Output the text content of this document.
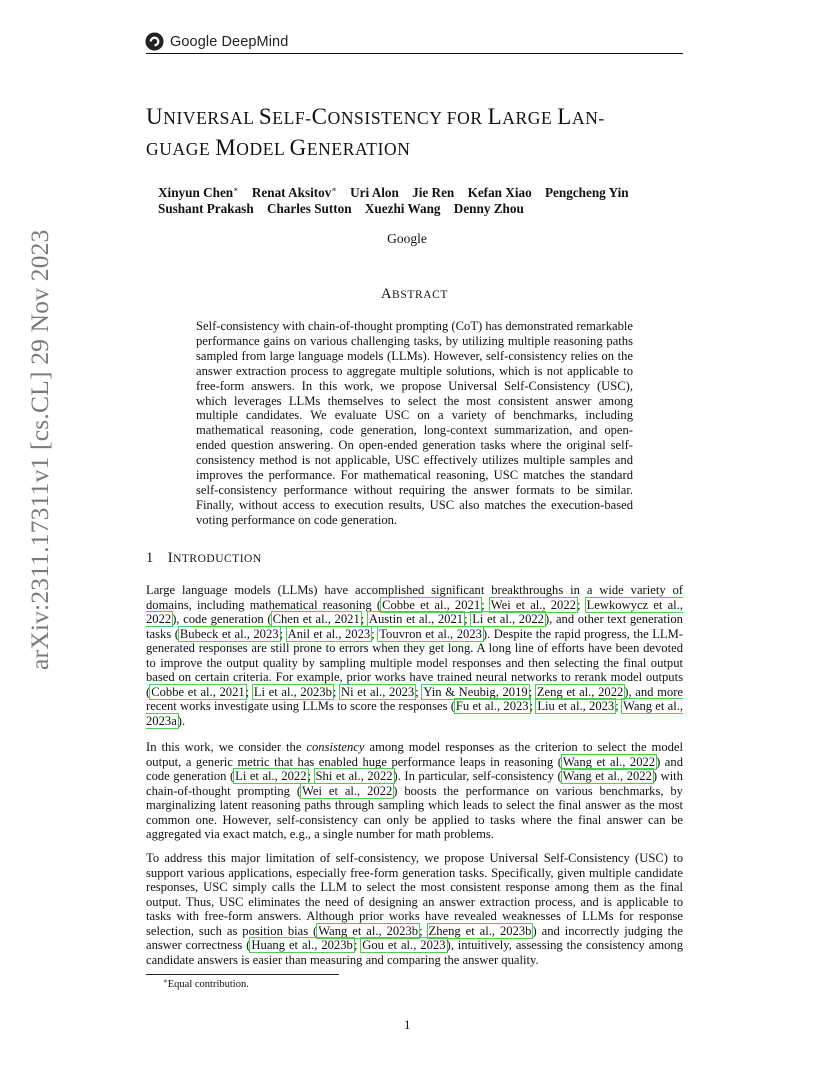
Google DeepMind
arXiv:2311.17311v1 [cs.CL] 29 Nov 2023
UNIVERSAL SELF-CONSISTENCY FOR LARGE LAN-
GUAGE MODEL GENERATION
Xinyun Chen∗ Renat Aksitov∗ Uri Alon Jie Ren Kefan Xiao Pengcheng Yin
Sushant Prakash Charles Sutton Xuezhi Wang Denny Zhou
Google
ABSTRACT
Self-consistency with chain-of-thought prompting (CoT) has demonstrated remarkable performance gains on various challenging tasks, by utilizing multiple reasoning paths sampled from large language models (LLMs). However, self-consistency relies on the answer extraction process to aggregate multiple solutions, which is not applicable to free-form answers. In this work, we propose Universal Self-Consistency (USC), which leverages LLMs themselves to select the most consistent answer among multiple candidates. We evaluate USC on a variety of benchmarks, including mathematical reasoning, code generation, long-context summarization, and open-ended question answering. On open-ended generation tasks where the original self-consistency method is not applicable, USC effectively utilizes multiple samples and improves the performance. For mathematical reasoning, USC matches the standard self-consistency performance without requiring the answer formats to be similar. Finally, without access to execution results, USC also matches the execution-based voting performance on code generation.
1 INTRODUCTION
Large language models (LLMs) have accomplished significant breakthroughs in a wide variety of domains, including mathematical reasoning (Cobbe et al., 2021; Wei et al., 2022; Lewkowycz et al., 2022), code generation (Chen et al., 2021; Austin et al., 2021; Li et al., 2022), and other text generation tasks (Bubeck et al., 2023; Anil et al., 2023; Touvron et al., 2023). Despite the rapid progress, the LLM-generated responses are still prone to errors when they get long. A long line of efforts have been devoted to improve the output quality by sampling multiple model responses and then selecting the final output based on certain criteria. For example, prior works have trained neural networks to rerank model outputs (Cobbe et al., 2021; Li et al., 2023b; Ni et al., 2023; Yin & Neubig, 2019; Zeng et al., 2022), and more recent works investigate using LLMs to score the responses (Fu et al., 2023; Liu et al., 2023; Wang et al., 2023a).
In this work, we consider the consistency among model responses as the criterion to select the model output, a generic metric that has enabled huge performance leaps in reasoning (Wang et al., 2022) and code generation (Li et al., 2022; Shi et al., 2022). In particular, self-consistency (Wang et al., 2022) with chain-of-thought prompting (Wei et al., 2022) boosts the performance on various benchmarks, by marginalizing latent reasoning paths through sampling which leads to select the final answer as the most common one. However, self-consistency can only be applied to tasks where the final answer can be aggregated via exact match, e.g., a single number for math problems.
To address this major limitation of self-consistency, we propose Universal Self-Consistency (USC) to support various applications, especially free-form generation tasks. Specifically, given multiple candidate responses, USC simply calls the LLM to select the most consistent response among them as the final output. Thus, USC eliminates the need of designing an answer extraction process, and is applicable to tasks with free-form answers. Although prior works have revealed weaknesses of LLMs for response selection, such as position bias (Wang et al., 2023b; Zheng et al., 2023b) and incorrectly judging the answer correctness (Huang et al., 2023b; Gou et al., 2023), intuitively, assessing the consistency among candidate answers is easier than measuring and comparing the answer quality.
∗Equal contribution.
1
